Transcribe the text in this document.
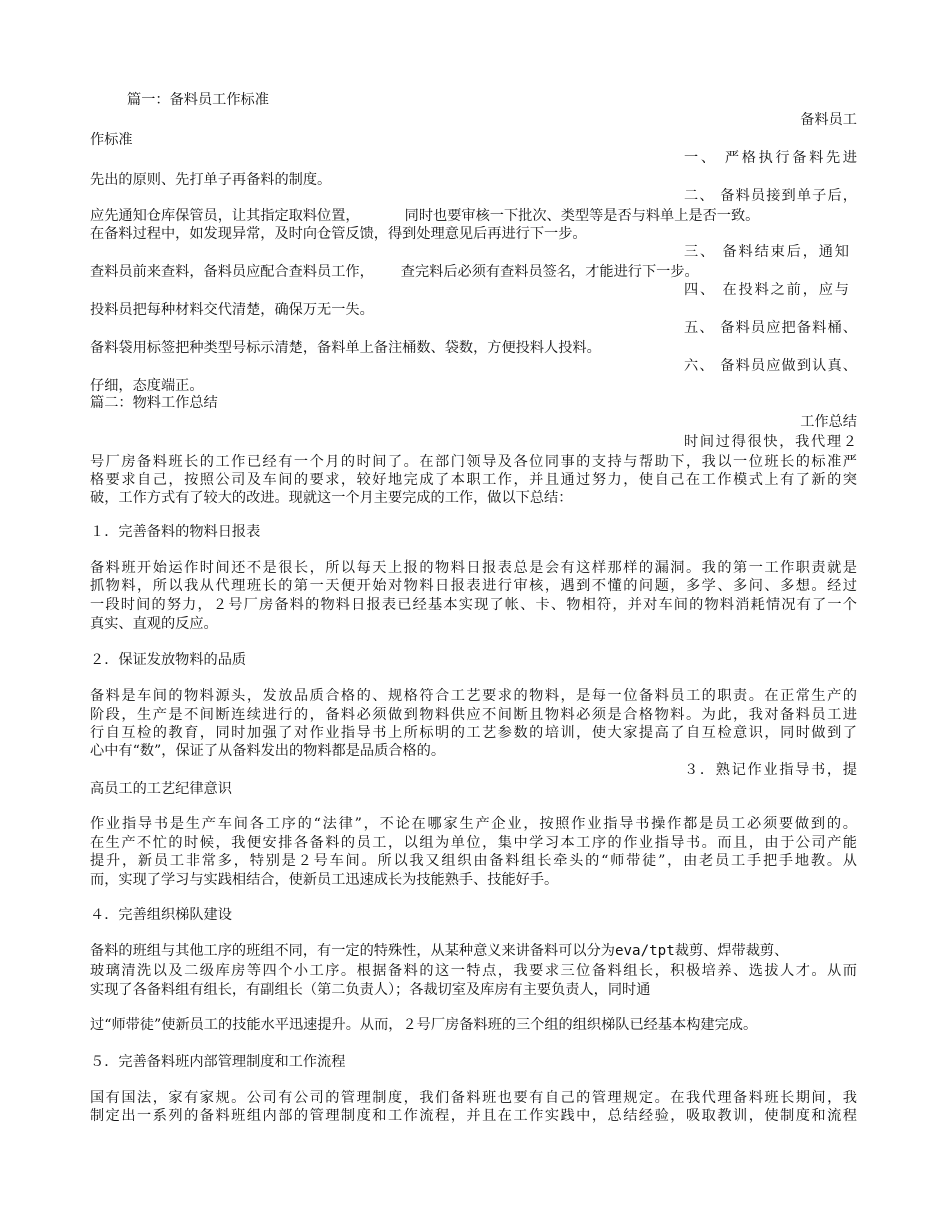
篇一：备料员工作标准
备料员工
作标准
一、 严格执行备料先进
先出的原则、先打单子再备料的制度。
二、 备料员接到单子后，
应先通知仓库保管员，让其指定取料位置，          同时也要审核一下批次、类型等是否与料单上是否一致。
在备料过程中，如发现异常，及时向仓管反馈，得到处理意见后再进行下一步。
三、 备料结束后，通知
查料员前来查料，备料员应配合查料员工作，      查完料后必须有查料员签名，才能进行下一步。
四、 在投料之前，应与
投料员把每种材料交代清楚，确保万无一失。
五、 备料员应把备料桶、
备料袋用标签把种类型号标示清楚，备料单上备注桶数、袋数，方便投料人投料。
六、 备料员应做到认真、
仔细，态度端正。
篇二：物料工作总结
工作总结
时间过得很快，我代理２
号厂房备料班长的工作已经有一个月的时间了。在部门领导及各位同事的支持与帮助下，我以一位班长的标准严
格要求自己，按照公司及车间的要求，较好地完成了本职工作，并且通过努力，使自己在工作模式上有了新的突
破，工作方式有了较大的改进。现就这一个月主要完成的工作，做以下总结：
１．完善备料的物料日报表
备料班开始运作时间还不是很长，所以每天上报的物料日报表总是会有这样那样的漏洞。我的第一工作职责就是
抓物料，所以我从代理班长的第一天便开始对物料日报表进行审核，遇到不懂的问题，多学、多问、多想。经过
一段时间的努力，２号厂房备料的物料日报表已经基本实现了帐、卡、物相符，并对车间的物料消耗情况有了一个
真实、直观的反应。
２．保证发放物料的品质
备料是车间的物料源头，发放品质合格的、规格符合工艺要求的物料，是每一位备料员工的职责。在正常生产的
阶段，生产是不间断连续进行的，备料必须做到物料供应不间断且物料必须是合格物料。为此，我对备料员工进
行自互检的教育，同时加强了对作业指导书上所标明的工艺参数的培训，使大家提高了自互检意识，同时做到了
心中有“数”，保证了从备料发出的物料都是品质合格的。
３．熟记作业指导书，提
高员工的工艺纪律意识
作业指导书是生产车间各工序的“法律”，不论在哪家生产企业，按照作业指导书操作都是员工必须要做到的。
在生产不忙的时候，我便安排各备料的员工，以组为单位，集中学习本工序的作业指导书。而且，由于公司产能
提升，新员工非常多，特别是２号车间。所以我又组织由备料组长牵头的“师带徒”，由老员工手把手地教。从
而，实现了学习与实践相结合，使新员工迅速成长为技能熟手、技能好手。
４．完善组织梯队建设
备料的班组与其他工序的班组不同，有一定的特殊性，从某种意义来讲备料可以分为eva/tpt裁剪、焊带裁剪、
玻璃清洗以及二级库房等四个小工序。根据备料的这一特点，我要求三位备料组长，积极培养、选拔人才。从而
实现了各备料组有组长，有副组长（第二负责人）；各裁切室及库房有主要负责人，同时通
过“师带徒”使新员工的技能水平迅速提升。从而，２号厂房备料班的三个组的组织梯队已经基本构建完成。
５．完善备料班内部管理制度和工作流程
国有国法，家有家规。公司有公司的管理制度，我们备料班也要有自己的管理规定。在我代理备料班长期间，我
制定出一系列的备料班组内部的管理制度和工作流程，并且在工作实践中，总结经验，吸取教训，使制度和流程
